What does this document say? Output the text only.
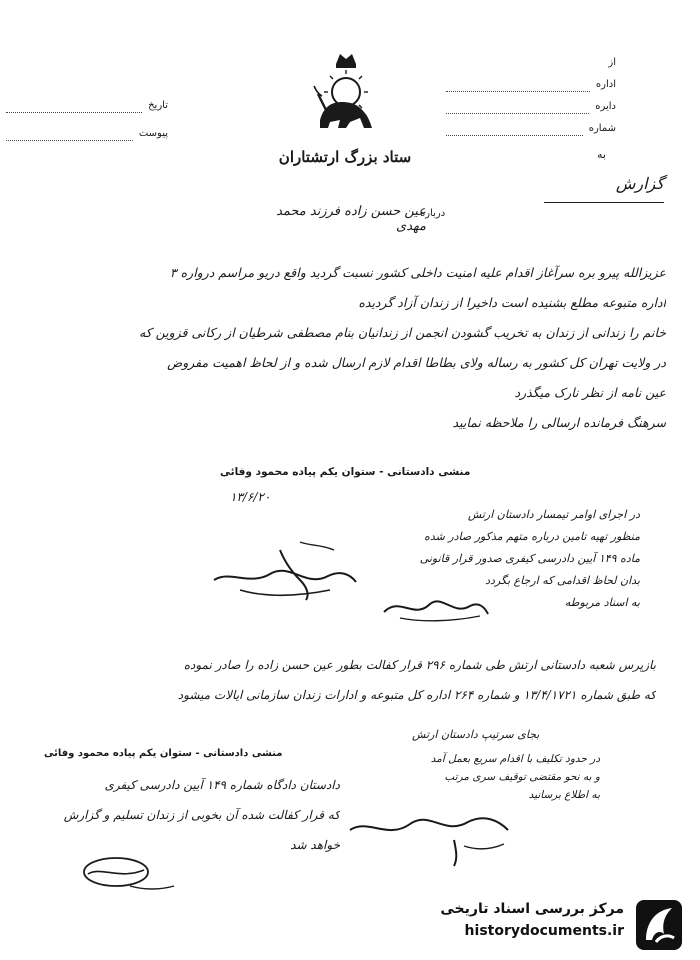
از
اداره
دایره
شماره
تاریخ
پیوست
ستاد بزرگ ارتشتاران	به
گزارش
درباره
عین حسن زاده فرزند محمد مهدی
عزیزالله پیرو بره سرآغاز اقدام علیه امنیت داخلی کشور نسبت گردید واقع دریو مراسم درواره ۳
اداره متبوعه مطلع بشنیده است داخیرا از زندان آزاد گردیده
خانم را زندانی از زندان به تخریب گشودن انجمن از زندانیان بنام مصطفی شرطیان از رکانی قزوین که
در ولایت تهران کل کشور به رساله ولای بطاطا اقدام لازم ارسال شده و از لحاظ اهمیت مفروض
عین نامه از نظر نارک میگذرد
سرهنگ فرمانده ارسالی را ملاحظه نمایید
منشی دادستانی - ستوان یکم پیاده محمود وفائی
۱۳/۶/۲۰
در اجرای اوامر تیمسار دادستان ارتش
منظور تهیه تامین درباره متهم مذکور صادر شده
ماده ۱۴۹ آیین دادرسی کیفری صدور قرار قانونی
بدان لحاظ اقدامی که ارجاع بگردد
به اسناد مربوطه
بازپرس شعبه دادستانی ارتش طی شماره ۲۹۶ قرار کفالت بطور عین حسن زاده را صادر نموده
که طبق شماره ۱۳/۴/۱۷۲۱ و شماره ۲۶۴ اداره کل متبوعه و ادارات زندان سازمانی ایالات میشود
بجای سرتیپ دادستان ارتش
در حدود تکلیف با اقدام سریع بعمل آمد
و به نحو مقتضی توقیف سری مرتب
به اطلاع برسانید
منشی دادستانی - ستوان یکم پیاده محمود وفائی
دادستان دادگاه شماره ۱۴۹ آیین دادرسی کیفری
که قرار کفالت شده آن بخوبی از زندان تسلیم و گزارش
خواهد شد
مرکز بررسی اسناد تاریخی
historydocuments.ir
